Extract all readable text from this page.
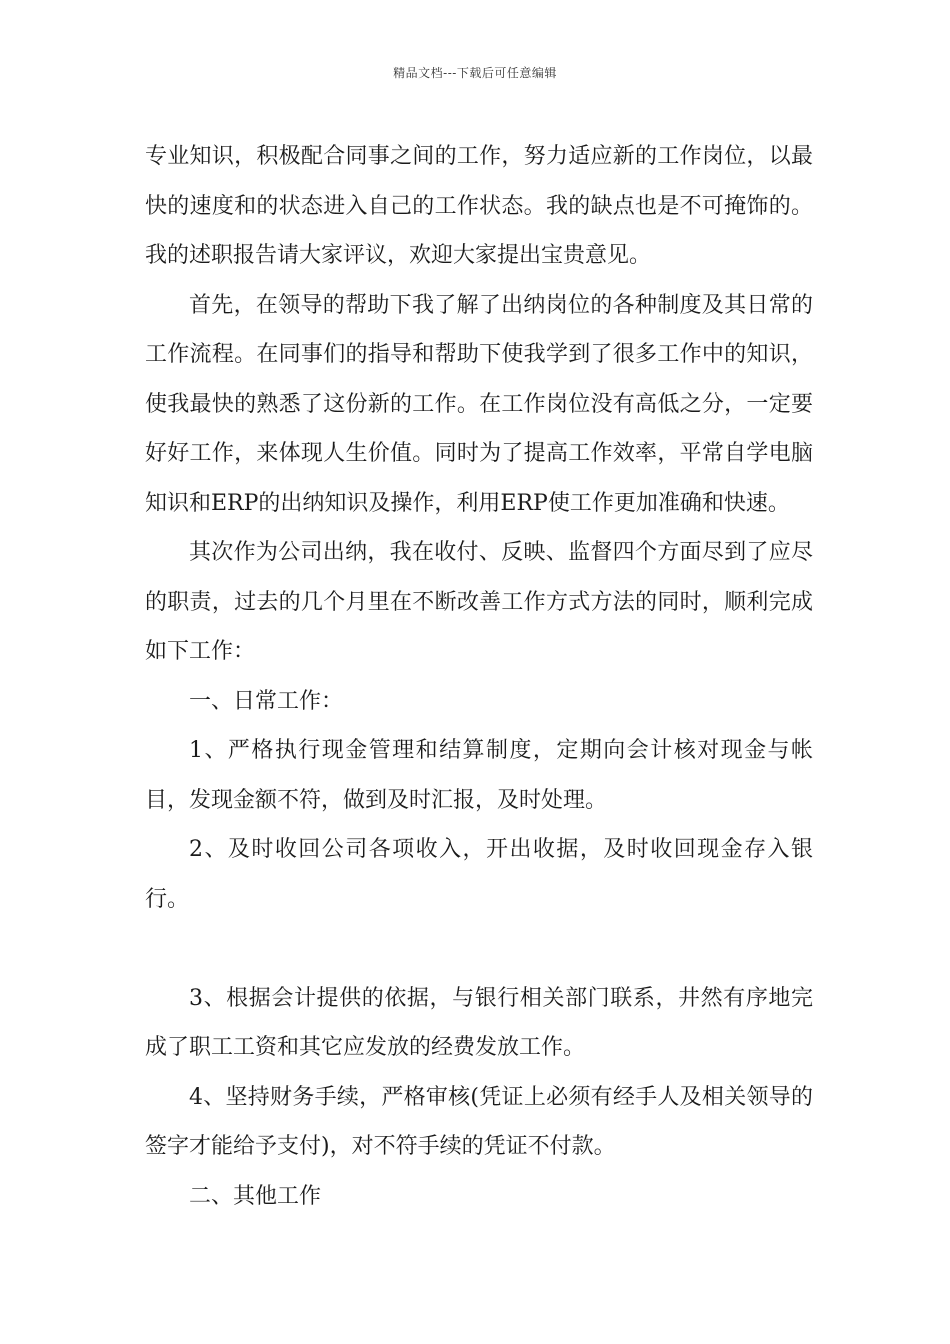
精品文档---下载后可任意编辑

专业知识，积极配合同事之间的工作，努力适应新的工作岗位，以最快的速度和的状态进入自己的工作状态。我的缺点也是不可掩饰的。我的述职报告请大家评议，欢迎大家提出宝贵意见。

首先，在领导的帮助下我了解了出纳岗位的各种制度及其日常的工作流程。在同事们的指导和帮助下使我学到了很多工作中的知识，使我最快的熟悉了这份新的工作。在工作岗位没有高低之分，一定要好好工作，来体现人生价值。同时为了提高工作效率，平常自学电脑知识和ERP的出纳知识及操作，利用ERP使工作更加准确和快速。

其次作为公司出纳，我在收付、反映、监督四个方面尽到了应尽的职责，过去的几个月里在不断改善工作方式方法的同时，顺利完成如下工作：

一、日常工作：

1、严格执行现金管理和结算制度，定期向会计核对现金与帐目，发现金额不符，做到及时汇报，及时处理。

2、及时收回公司各项收入，开出收据，及时收回现金存入银行。

3、根据会计提供的依据，与银行相关部门联系，井然有序地完成了职工工资和其它应发放的经费发放工作。

4、坚持财务手续，严格审核(凭证上必须有经手人及相关领导的签字才能给予支付)，对不符手续的凭证不付款。

二、其他工作
